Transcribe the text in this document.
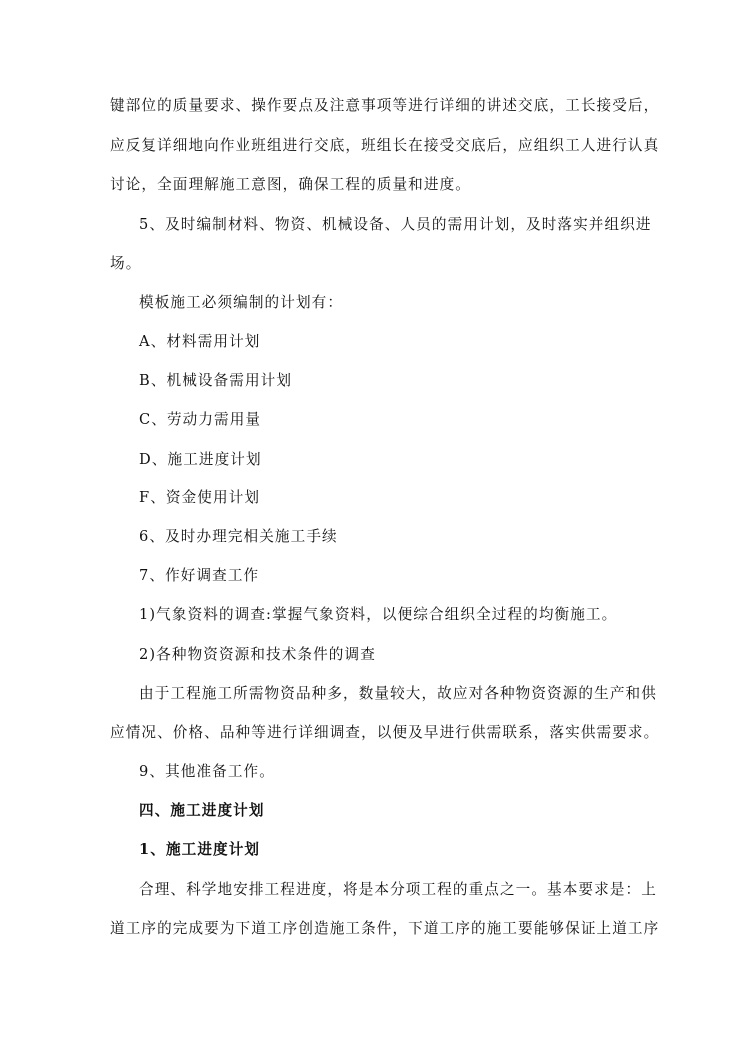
键部位的质量要求、操作要点及注意事项等进行详细的讲述交底，工长接受后，
应反复详细地向作业班组进行交底，班组长在接受交底后，应组织工人进行认真
讨论，全面理解施工意图，确保工程的质量和进度。
5、及时编制材料、物资、机械设备、人员的需用计划，及时落实并组织进
场。
模板施工必须编制的计划有：
A、材料需用计划
B、机械设备需用计划
C、劳动力需用量
D、施工进度计划
F、资金使用计划
6、及时办理完相关施工手续
7、作好调查工作
1)气象资料的调查:掌握气象资料，以便综合组织全过程的均衡施工。
2)各种物资资源和技术条件的调查
由于工程施工所需物资品种多，数量较大，故应对各种物资资源的生产和供
应情况、价格、品种等进行详细调查，以便及早进行供需联系，落实供需要求。
9、其他准备工作。
四、施工进度计划
1、施工进度计划
合理、科学地安排工程进度，将是本分项工程的重点之一。基本要求是：上
道工序的完成要为下道工序创造施工条件，下道工序的施工要能够保证上道工序
